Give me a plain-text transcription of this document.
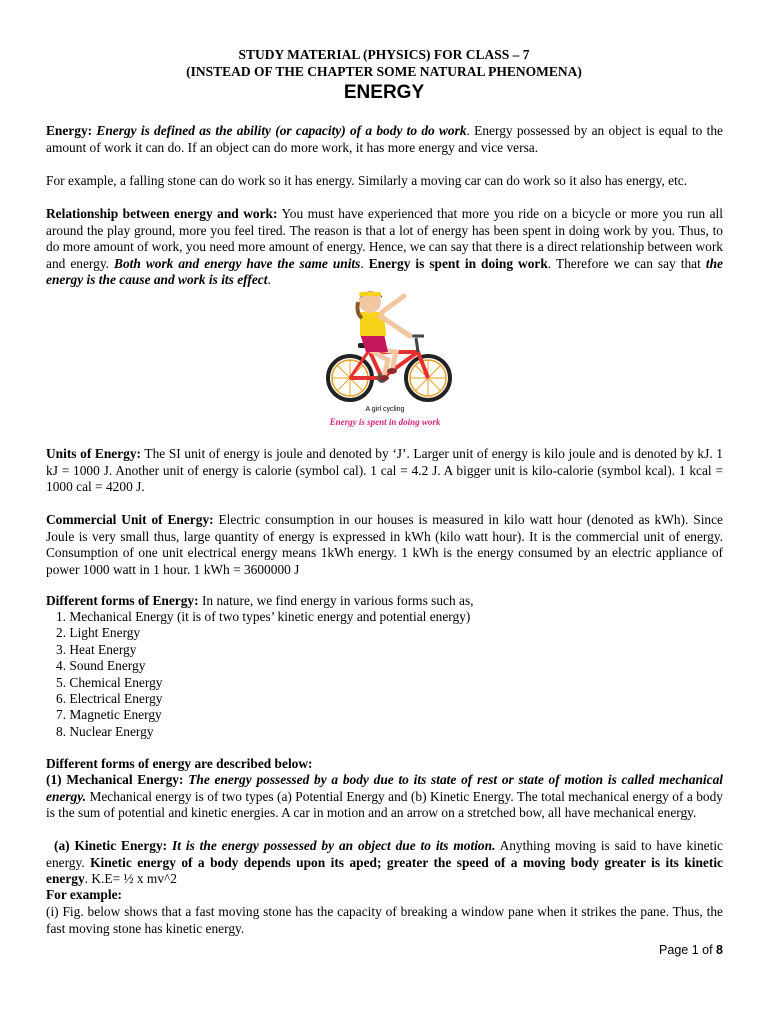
STUDY MATERIAL (PHYSICS) FOR CLASS – 7
(INSTEAD OF THE CHAPTER SOME NATURAL PHENOMENA)
ENERGY

Energy: Energy is defined as the ability (or capacity) of a body to do work. Energy possessed by an object is equal to the amount of work it can do. If an object can do more work, it has more energy and vice versa.

For example, a falling stone can do work so it has energy. Similarly a moving car can do work so it also has energy, etc.

Relationship between energy and work: You must have experienced that more you ride on a bicycle or more you run all around the play ground, more you feel tired. The reason is that a lot of energy has been spent in doing work by you. Thus, to do more amount of work, you need more amount of energy. Hence, we can say that there is a direct relationship between work and energy. Both work and energy have the same units. Energy is spent in doing work. Therefore we can say that the energy is the cause and work is its effect.

A girl cycling
Energy is spent in doing work

Units of Energy: The SI unit of energy is joule and denoted by ‘J’. Larger unit of energy is kilo joule and is denoted by kJ. 1 kJ = 1000 J. Another unit of energy is calorie (symbol cal). 1 cal = 4.2 J. A bigger unit is kilo-calorie (symbol kcal). 1 kcal = 1000 cal = 4200 J.

Commercial Unit of Energy: Electric consumption in our houses is measured in kilo watt hour (denoted as kWh). Since Joule is very small thus, large quantity of energy is expressed in kWh (kilo watt hour). It is the commercial unit of energy. Consumption of one unit electrical energy means 1kWh energy. 1 kWh is the energy consumed by an electric appliance of power 1000 watt in 1 hour. 1 kWh = 3600000 J

Different forms of Energy: In nature, we find energy in various forms such as,

1. Mechanical Energy (it is of two types’ kinetic energy and potential energy)
2. Light Energy
3. Heat Energy
4. Sound Energy
5. Chemical Energy
6. Electrical Energy
7. Magnetic Energy
8. Nuclear Energy

Different forms of energy are described below:

(1) Mechanical Energy: The energy possessed by a body due to its state of rest or state of motion is called mechanical energy. Mechanical energy is of two types (a) Potential Energy and (b) Kinetic Energy. The total mechanical energy of a body is the sum of potential and kinetic energies. A car in motion and an arrow on a stretched bow, all have mechanical energy.

(a) Kinetic Energy: It is the energy possessed by an object due to its motion. Anything moving is said to have kinetic energy. Kinetic energy of a body depends upon its aped; greater the speed of a moving body greater is its kinetic energy. K.E= ½ x mv^2

For example:

(i) Fig. below shows that a fast moving stone has the capacity of breaking a window pane when it strikes the pane. Thus, the fast moving stone has kinetic energy.

Page 1 of 8
